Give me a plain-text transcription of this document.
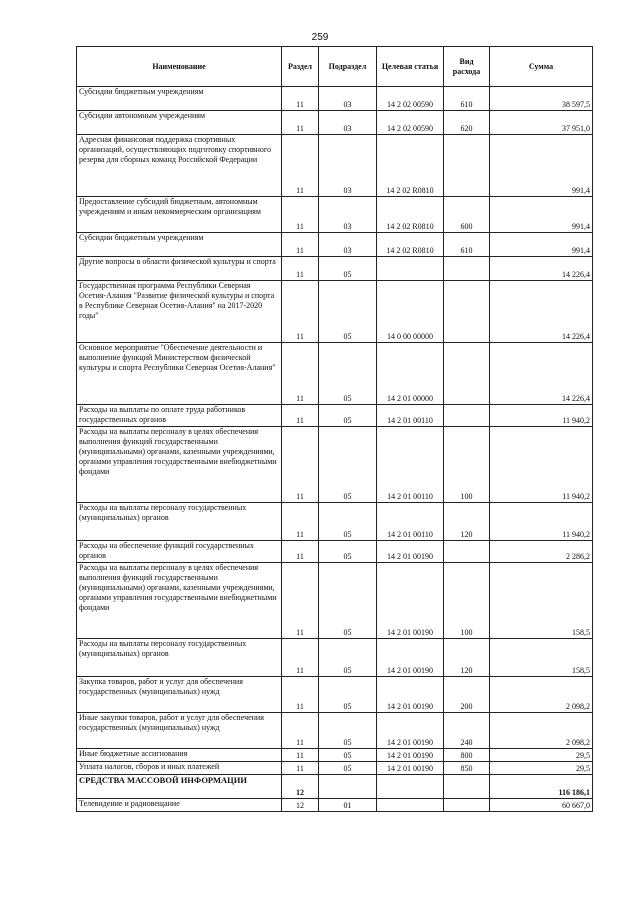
259
Наименование	Раздел	Подраздел	Целевая статья	Вид расхода	Сумма
Субсидии бюджетным учреждениям	11	03	14 2 02 00590	610	38 597,5
Субсидии автономным учреждениям	11	03	14 2 02 00590	620	37 951,0
Адресная финансовая поддержка спортивных организаций, осуществляющих подготовку спортивного резерва для сборных команд Российской Федерации	11	03	14 2 02 R0810		991,4
Предоставление субсидий бюджетным, автономным учреждениям и иным некоммерческим организациям	11	03	14 2 02 R0810	600	991,4
Субсидии бюджетным учреждениям	11	03	14 2 02 R0810	610	991,4
Другие вопросы в области физической культуры и спорта	11	05			14 226,4
Государственная программа Республики Северная Осетия-Алания "Развитие физической культуры и спорта в Республике Северная Осетия-Алания" на 2017-2020 годы"	11	05	14 0 00 00000		14 226,4
Основное мероприятие "Обеспечение деятельности и выполнение функций Министерством физической культуры и спорта Республики Северная Осетия-Алания"	11	05	14 2 01 00000		14 226,4
Расходы на выплаты по оплате труда работников государственных органов	11	05	14 2 01 00110		11 940,2
Расходы на выплаты персоналу в целях обеспечения выполнения функций государственными (муниципальными) органами, казенными учреждениями, органами управления государственными внебюджетными фондами	11	05	14 2 01 00110	100	11 940,2
Расходы на выплаты персоналу государственных (муниципальных) органов	11	05	14 2 01 00110	120	11 940,2
Расходы на обеспечение функций государственных органов	11	05	14 2 01 00190		2 286,2
Расходы на выплаты персоналу в целях обеспечения выполнения функций государственными (муниципальными) органами, казенными учреждениями, органами управления государственными внебюджетными фондами	11	05	14 2 01 00190	100	158,5
Расходы на выплаты персоналу государственных (муниципальных) органов	11	05	14 2 01 00190	120	158,5
Закупка товаров, работ и услуг для обеспечения государственных (муниципальных) нужд	11	05	14 2 01 00190	200	2 098,2
Иные закупки товаров, работ и услуг для обеспечения государственных (муниципальных) нужд	11	05	14 2 01 00190	240	2 098,2
Иные бюджетные ассигнования	11	05	14 2 01 00190	800	29,5
Уплата налогов, сборов и иных платежей	11	05	14 2 01 00190	850	29,5
СРЕДСТВА МАССОВОЙ ИНФОРМАЦИИ	12				116 186,1
Телевидение и радиовещание	12	01			60 667,0
